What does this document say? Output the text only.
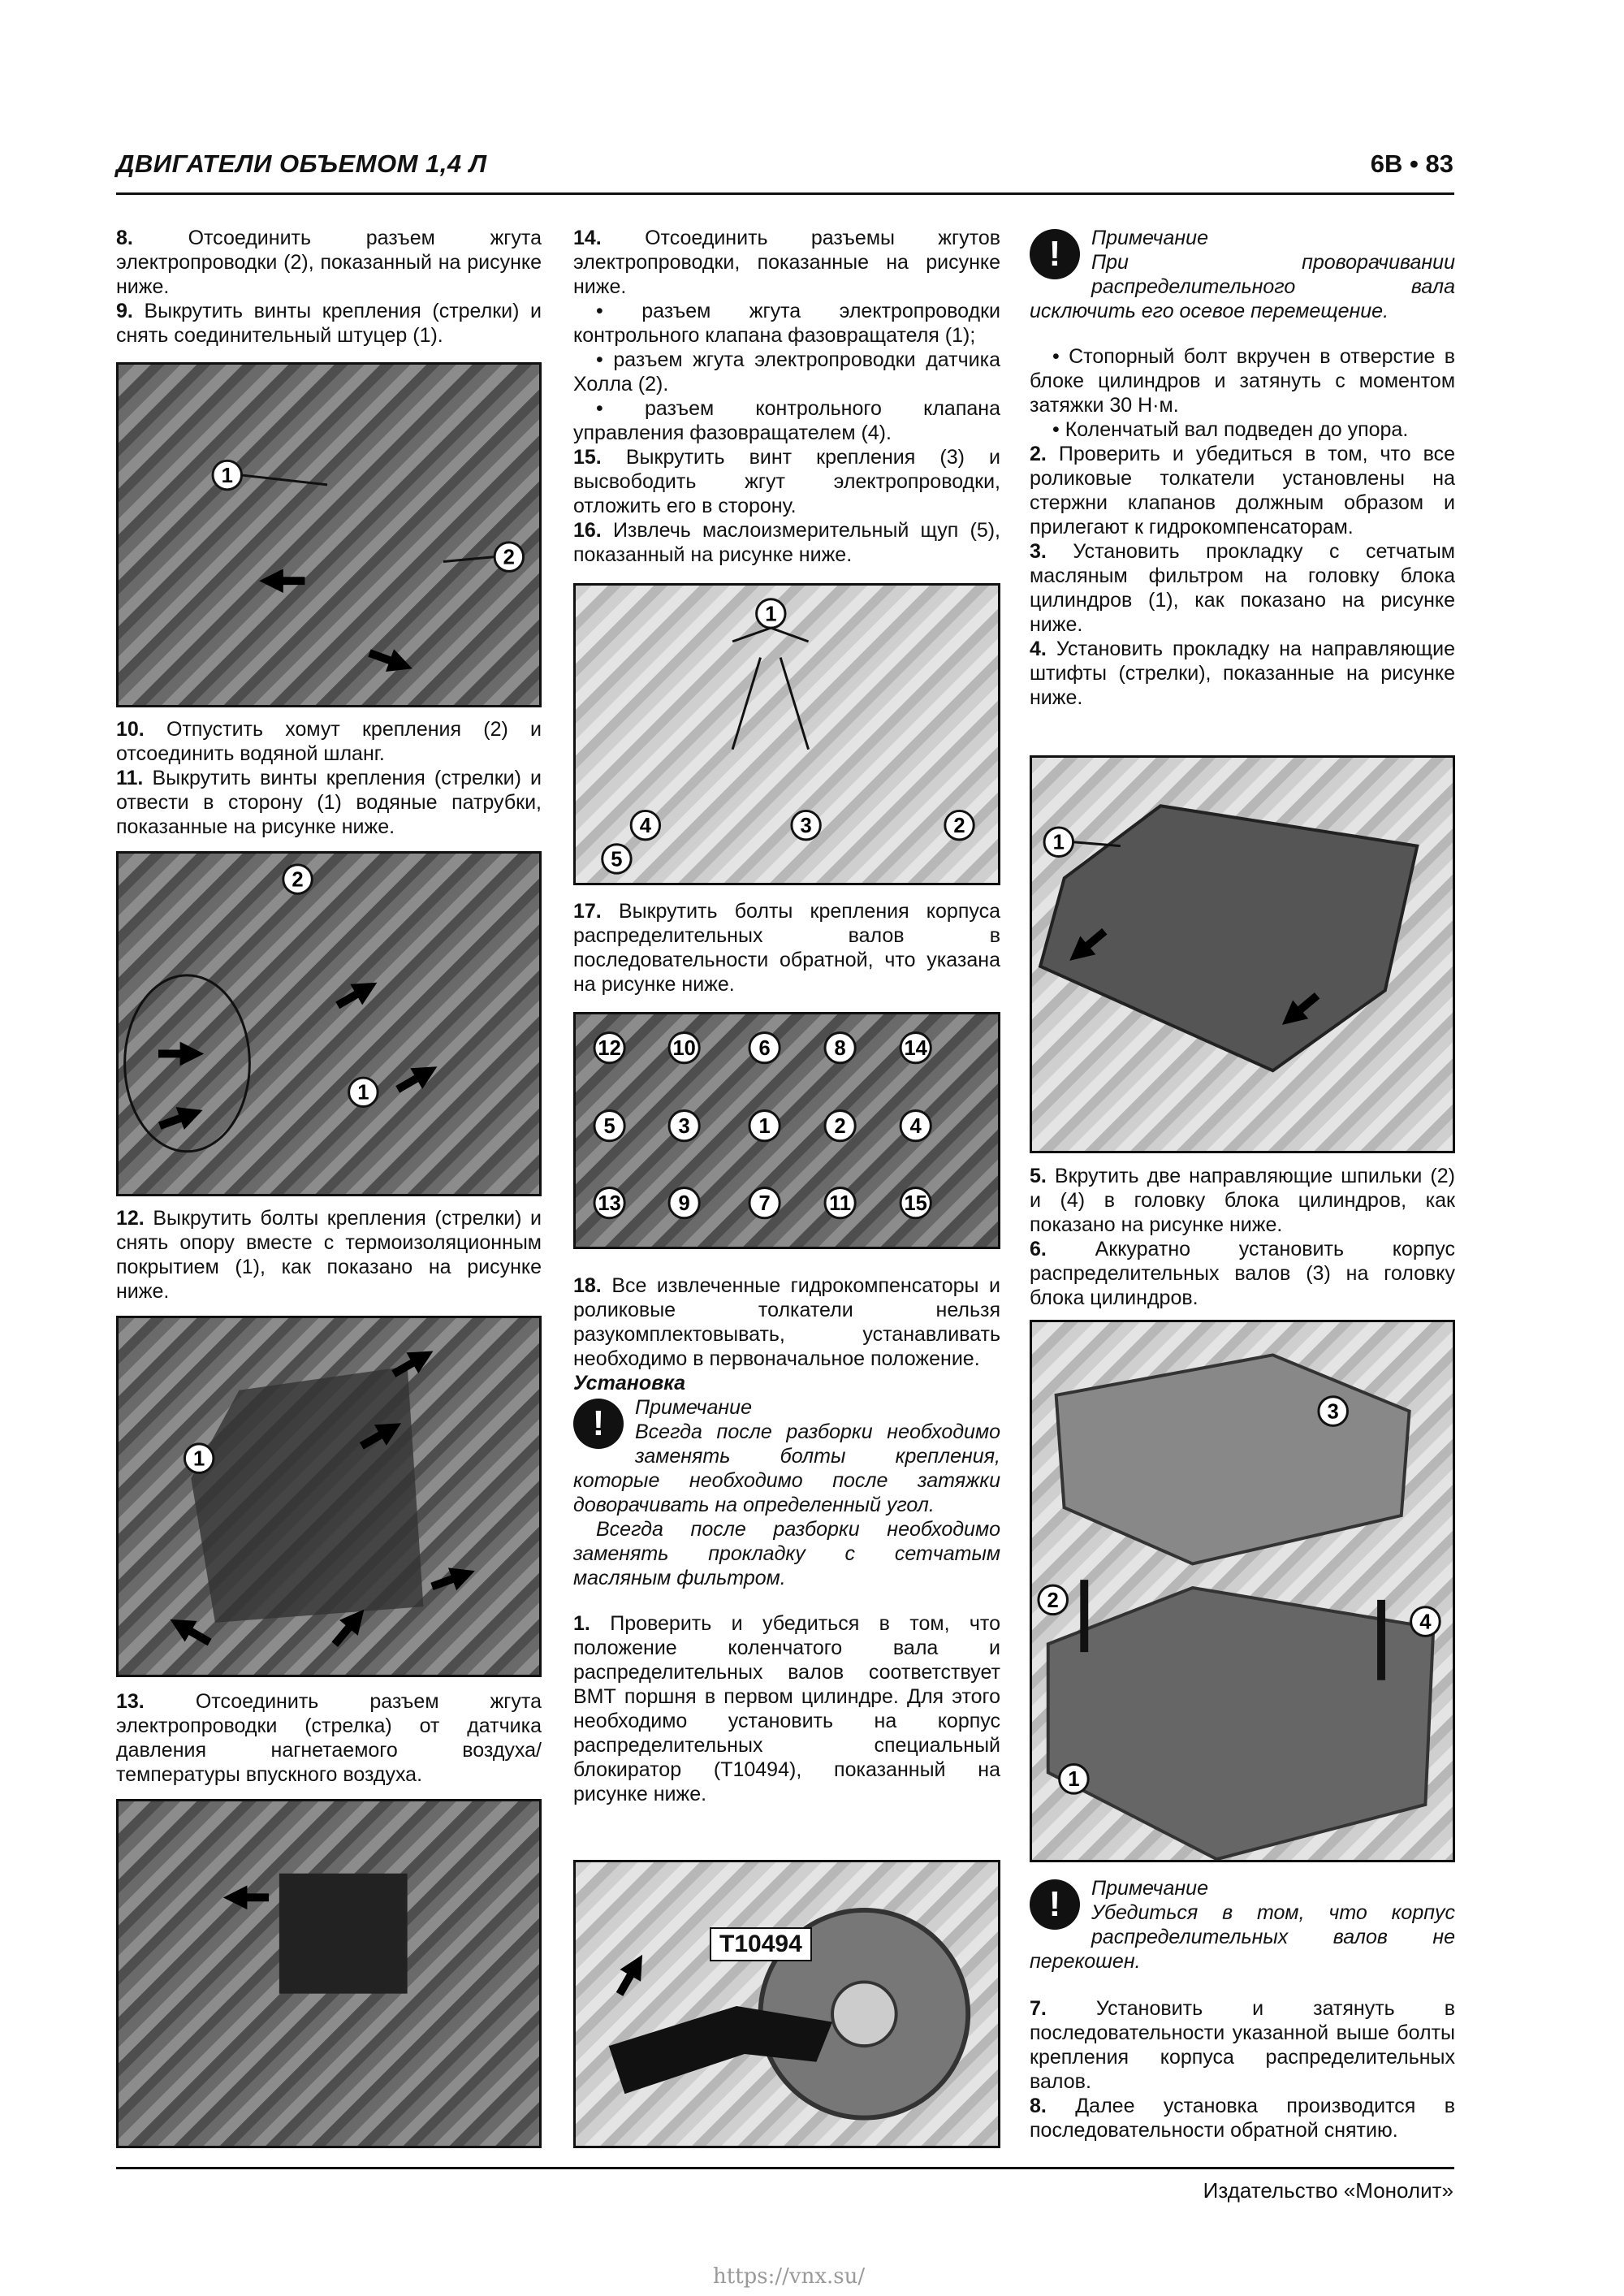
ДВИГАТЕЛИ ОБЪЕМОМ 1,4 Л	6B • 83

8.	Отсоединить разъем жгута электропроводки (2), показанный на рисунке ниже.

9. Выкрутить винты крепления (стрелки) и снять соединительный штуцер (1).

1
2

10. Отпустить хомут крепления (2) и отсоединить водяной шланг.

11. Выкрутить винты крепления (стрелки) и отвести в сторону (1) водяные патрубки, показанные на рисунке ниже.

2
1

12. Выкрутить болты крепления (стрелки) и снять опору вместе с термоизоляционным покрытием (1), как показано на рисунке ниже.

1

13.	Отсоединить разъем жгута электропроводки (стрелка) от датчика давления нагнетаемого воздуха/ температуры впускного воздуха.

14. Отсоединить разъемы жгутов электропроводки, показанные на рисунке ниже.

• разъем жгута электропроводки контрольного клапана фазовращателя (1);

• разъем жгута электропроводки датчика Холла (2).

• разъем контрольного клапана управления фазовращателем (4).

15. Выкрутить винт крепления (3) и высвободить жгут электропроводки, отложить его в сторону.

16. Извлечь маслоизмерительный щуп (5), показанный на рисунке ниже.

1
4	3	2
5

17. Выкрутить болты крепления корпуса распределительных валов в последовательности обратной, что указана на рисунке ниже.

12 10	6	8	14
5	3	1	2	4
13	9	7	11	15

18. Все извлеченные гидрокомпенсаторы и роликовые толкатели нельзя разукомплектовывать, устанавливать необходимо в первоначальное положение.

Установка

!	Примечание

Всегда после разборки необходимо заменять болты крепления, которые необходимо после затяжки доворачивать на определенный угол.

Всегда после разборки необходимо заменять прокладку с сетчатым масляным фильтром.

1. Проверить и убедиться в том, что положение коленчатого вала и распределительных валов соответствует ВМТ поршня в первом цилиндре. Для этого необходимо установить на корпус распределительных специальный блокиратор (T10494), показанный на рисунке ниже.

T10494
!	Примечание

При проворачивании распределительного вала исключить его осевое перемещение.

• Стопорный болт вкручен в отверстие в блоке цилиндров и затянуть с моментом затяжки 30 Н·м.

• Коленчатый вал подведен до упора.

2. Проверить и убедиться в том, что все роликовые толкатели установлены на стержни клапанов должным образом и прилегают к гидрокомпенсаторам.

3. Установить прокладку с сетчатым масляным фильтром на головку блока цилиндров (1), как показано на рисунке ниже.

4. Установить прокладку на направляющие штифты (стрелки), показанные на рисунке ниже.

1

5. Вкрутить две направляющие шпильки (2) и (4) в головку блока цилиндров, как показано на рисунке ниже.

6. Аккуратно установить корпус распределительных валов (3) на головку блока цилиндров.

3
2
4
1
!	Примечание

Убедиться в том, что корпус распределительных валов не перекошен.

7. Установить и затянуть в последовательности указанной выше болты крепления корпуса распределительных валов.

8. Далее установка производится в последовательности обратной снятию.

Издательство «Монолит»
https://vnx.su/
